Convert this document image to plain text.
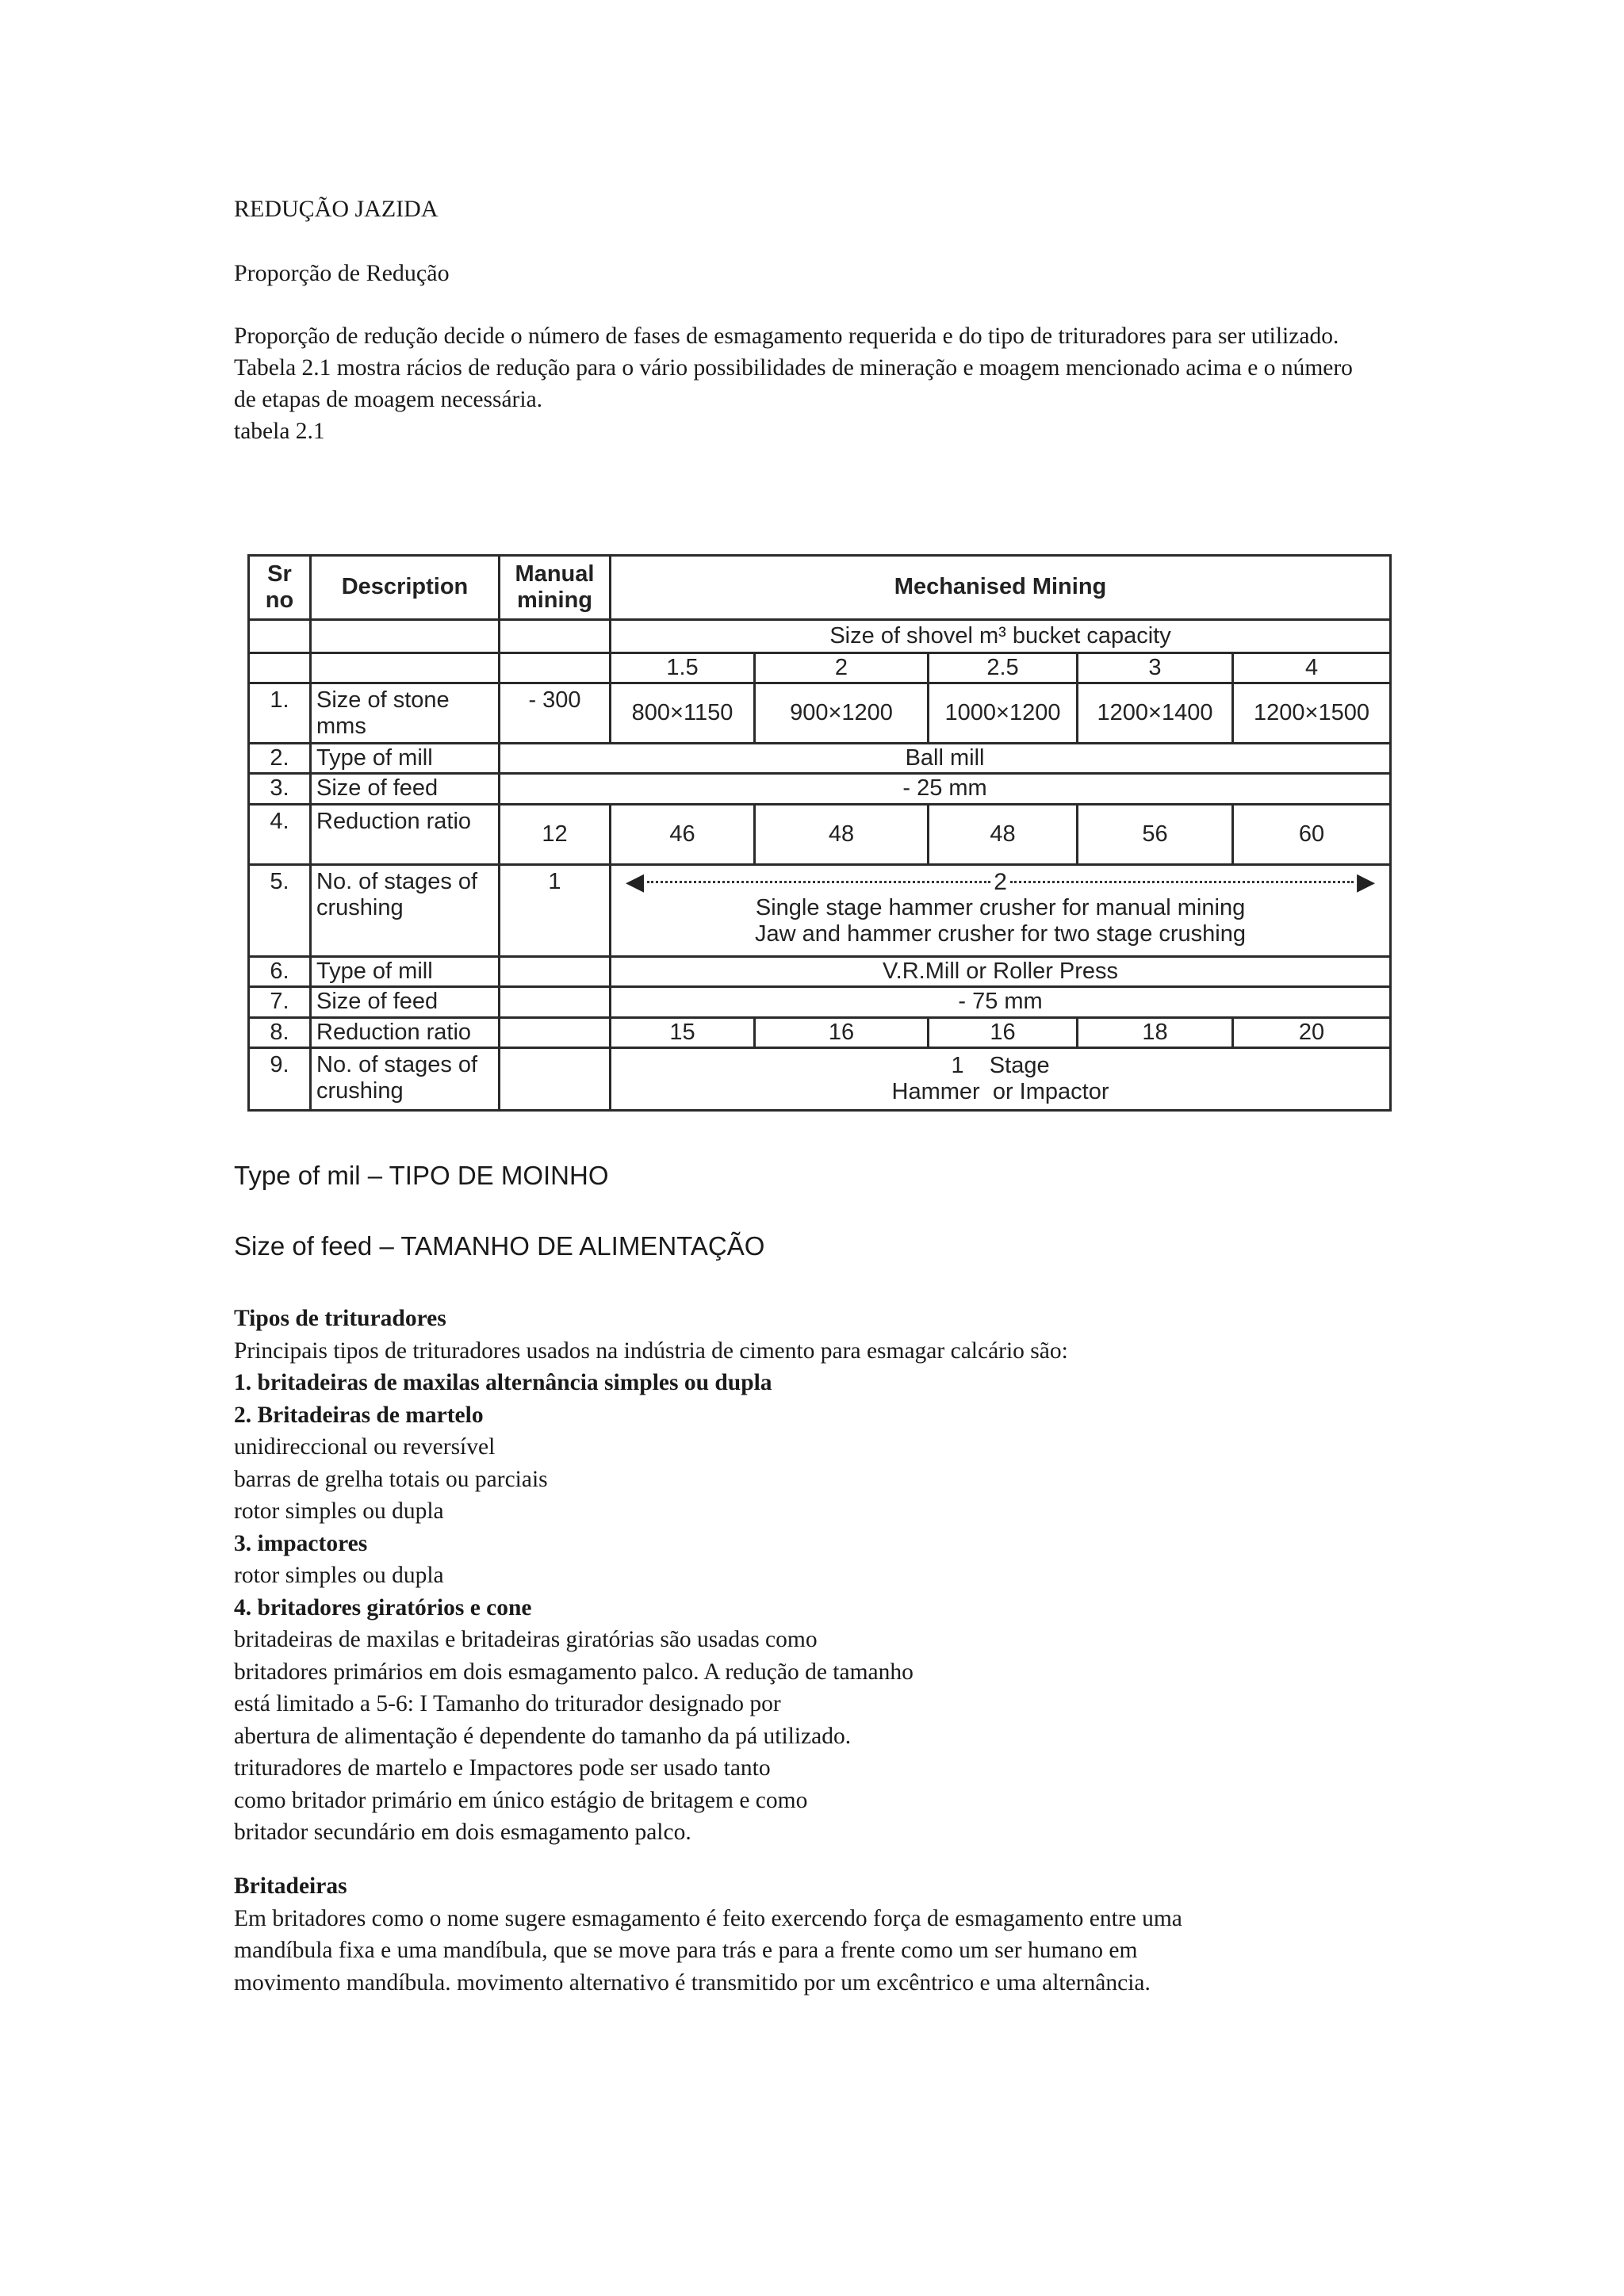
REDUÇÃO JAZIDA
Proporção de Redução

Proporção de redução decide o número de fases de esmagamento requerida e do tipo de trituradores para ser utilizado.

Tabela 2.1 mostra rácios de redução para o vário possibilidades de mineração e moagem mencionado acima e o número de etapas de moagem necessária.

tabela 2.1

Sr no	Description	Manual mining	Mechanised Mining				
			Size of shovel m³ bucket capacity				
			1.5	2	2.5	3	4
1.	Size of stone mms	- 300	800×1150	900×1200	1000×1200	1200×1400	1200×1500
2.	Type of mill	Ball mill					
3.	Size of feed	- 25 mm					
4.	Reduction ratio	12	46	48	48	56	60
5.	No. of stages of crushing	1	◀ 2 ▶
Single stage hammer crusher for manual mining
Jaw and hammer crusher for two stage crushing				

6.	Type of mill		V.R.Mill or Roller Press				
7.	Size of feed		- 75 mm				
8.	Reduction ratio		15	16	16	18	20
9.	No. of stages of crushing		1    Stage
Hammer  or Impactor				
Type of mil – TIPO DE MOINHO
Size of feed – TAMANHO DE ALIMENTAÇÃO

Tipos de trituradores

Principais tipos de trituradores usados na indústria de cimento para esmagar calcário são:

1. britadeiras de maxilas alternância simples ou dupla

2. Britadeiras de martelo

unidireccional ou reversível

barras de grelha totais ou parciais

rotor simples ou dupla

3. impactores

rotor simples ou dupla

4. britadores giratórios e cone

britadeiras de maxilas e britadeiras giratórias são usadas como

britadores primários em dois esmagamento palco. A redução de tamanho

está limitado a 5-6: I Tamanho do triturador designado por

abertura de alimentação é dependente do tamanho da pá utilizado.

trituradores de martelo e Impactores pode ser usado tanto

como britador primário em único estágio de britagem e como

britador secundário em dois esmagamento palco.

Britadeiras

Em britadores como o nome sugere esmagamento é feito exercendo força de esmagamento entre uma

mandíbula fixa e uma mandíbula, que se move para trás e para a frente como um ser humano em

movimento mandíbula. movimento alternativo é transmitido por um excêntrico e uma alternância.
